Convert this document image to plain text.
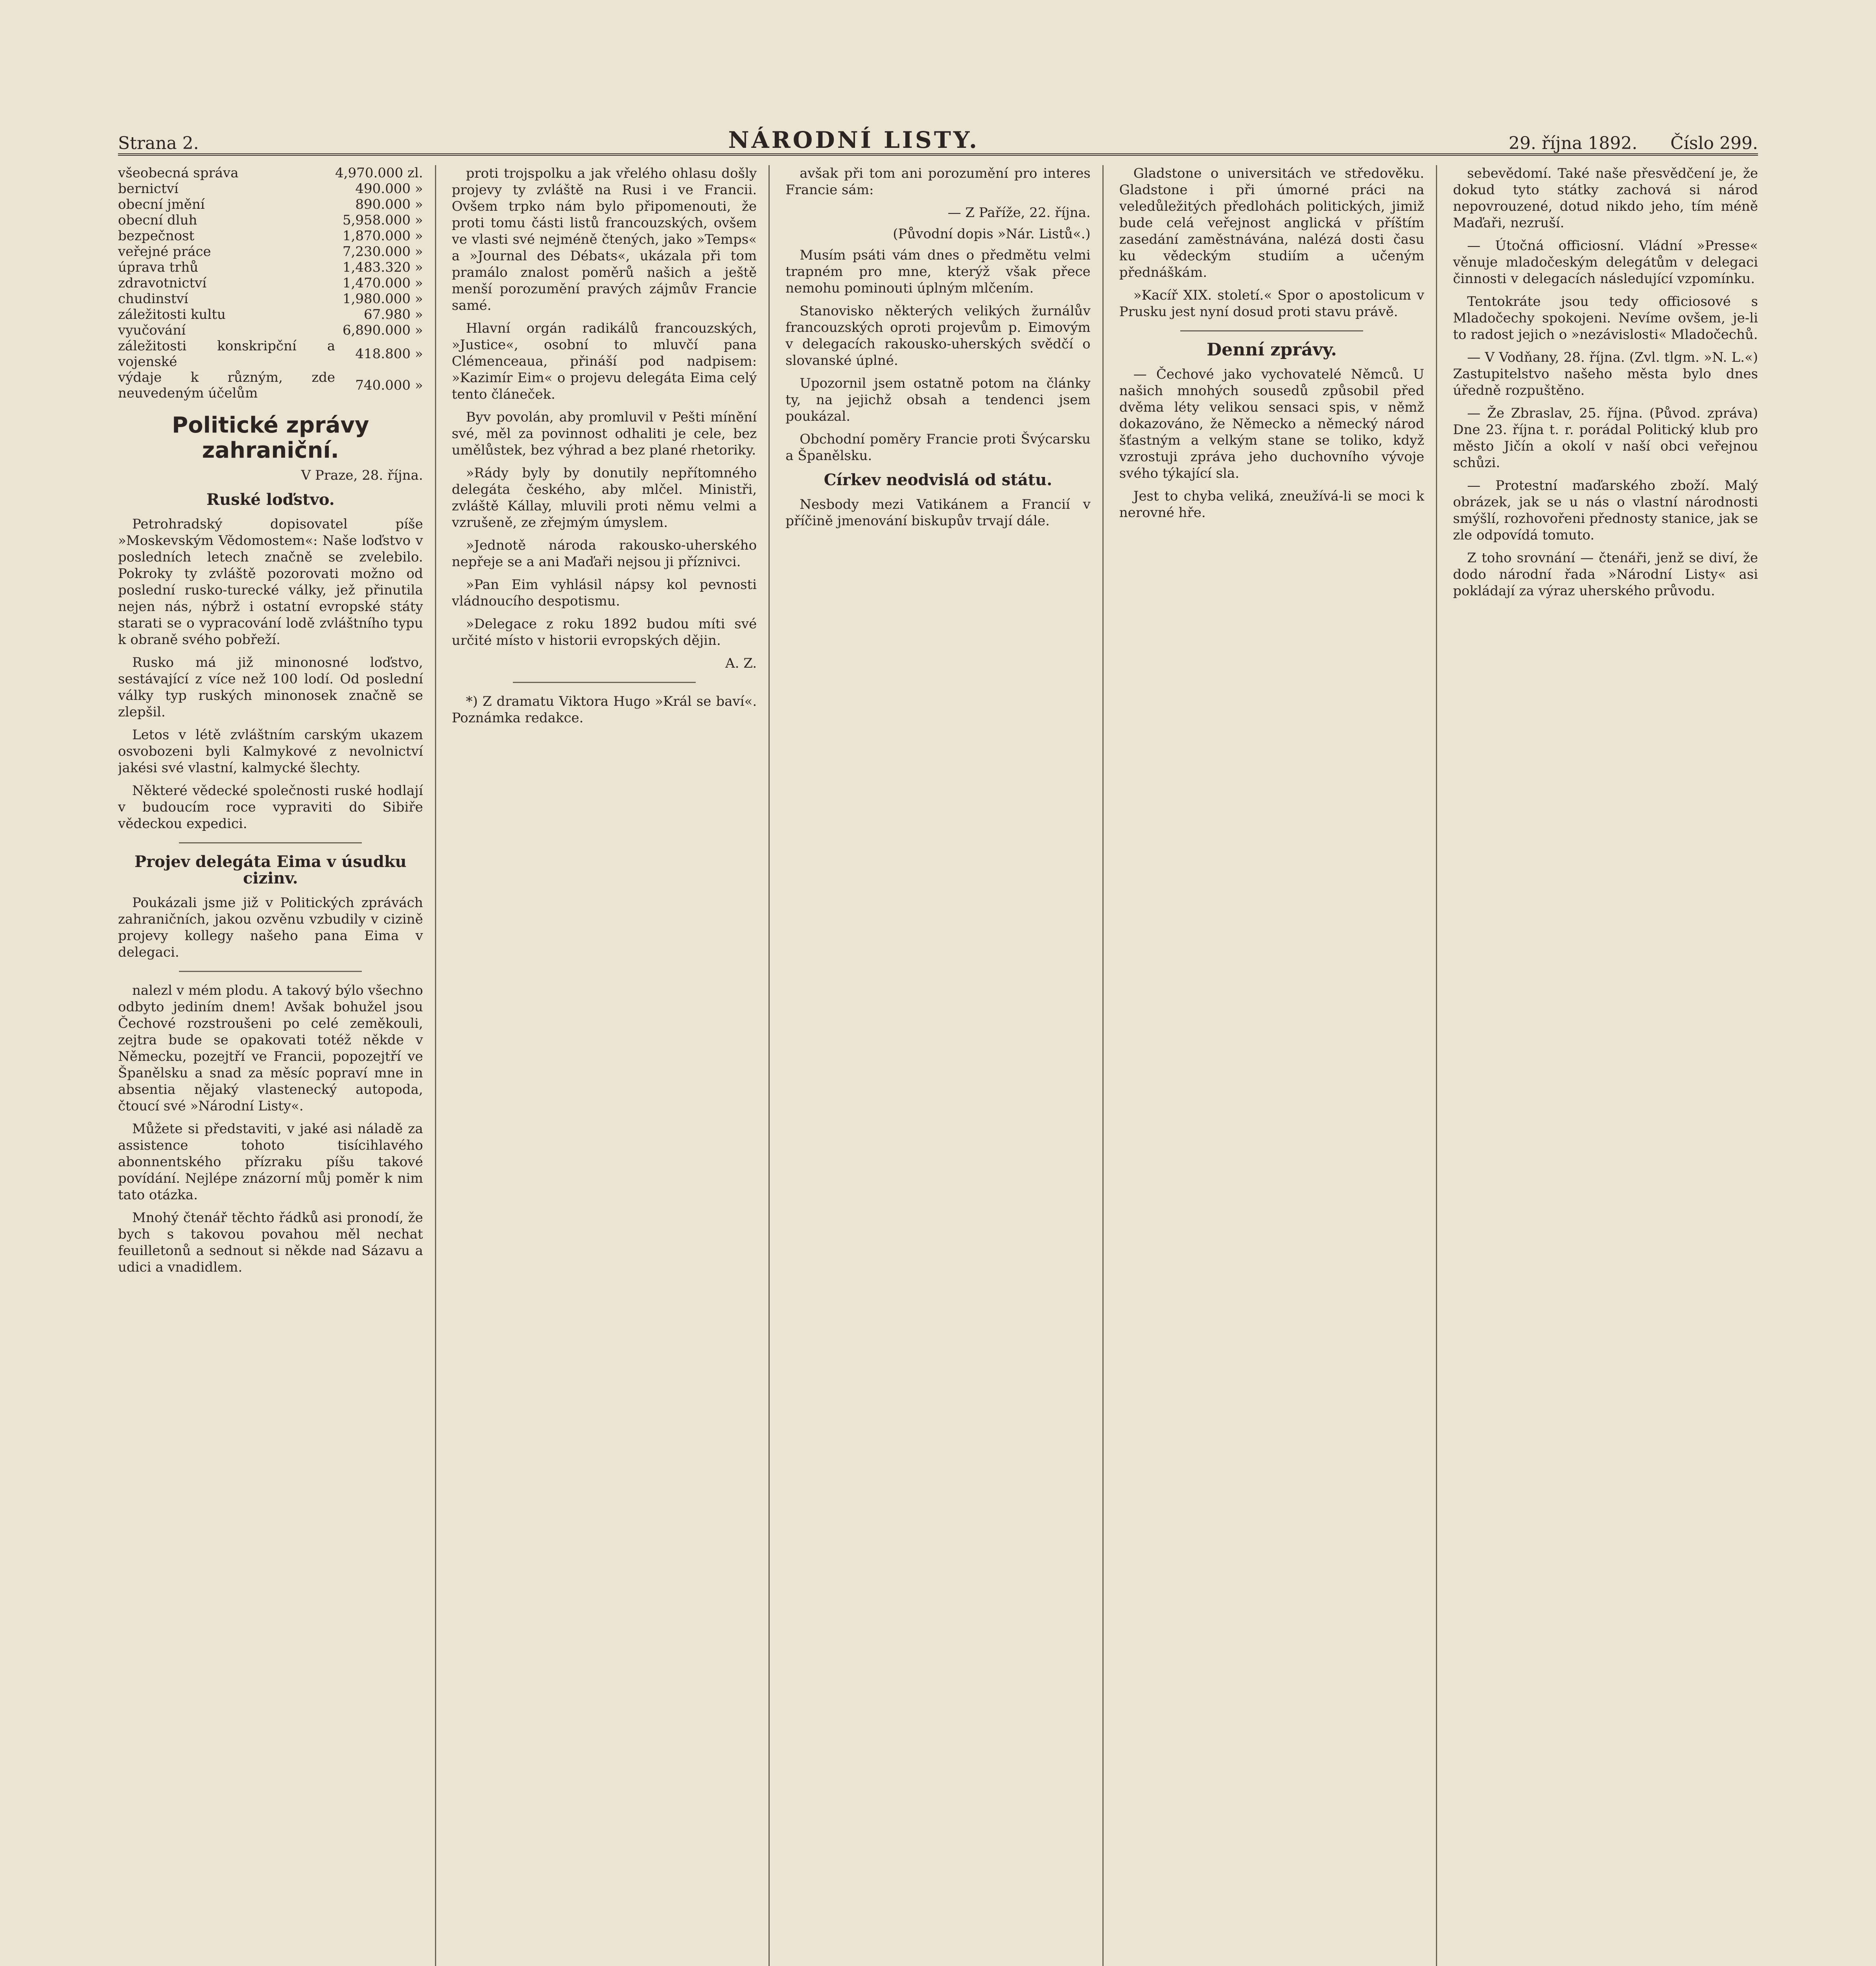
Strana 2.	NÁRODNÍ LISTY.	29. října 1892. Číslo 299.
všeobecná správa	4,970.000 zl.
bernictví	490.000 »
obecní jmění	890.000 »
obecní dluh	5,958.000 »
bezpečnost	1,870.000 »
veřejné práce	7,230.000 »
úprava trhů	1,483.320 »
zdravotnictví	1,470.000 »
chudinství	1,980.000 »
záležitosti kultu	67.980 »
vyučování	6,890.000 »
záležitosti konskripční a vojenské	418.800 »
výdaje k různým, zde neuvedeným účelům	740.000 »
Politické zprávy zahraniční.

V Praze, 28. října.

Ruské loďstvo.

Petrohradský dopisovatel píše »Moskevským Vědomostem«: Naše loďstvo v posledních letech značně se zvelebilo. Pokroky ty zvláště pozorovati možno od poslední rusko-turecké války, jež přinutila nejen nás, nýbrž i ostatní evropské státy starati se o vypracování lodě zvláštního typu k obraně svého pobřeží.

Rusko má již minonosné loďstvo, sestávající z více než 100 lodí. Od poslední války typ ruských minonosek značně se zlepšil.

Letos v létě zvláštním carským ukazem osvobozeni byli Kalmykové z nevolnictví jakési své vlastní, kalmycké šlechty.

Některé vědecké společnosti ruské hodlají v budoucím roce vypraviti do Sibiře vědeckou expedici.

Projev delegáta Eima v úsudku cizinv.

Poukázali jsme již v Politických zprávách zahraničních, jakou ozvěnu vzbudily v cizině projevy kollegy našeho pana Eima v delegaci.

nalezl v mém plodu. A takový býlo všechno odbyto jediním dnem! Avšak bohužel jsou Čechové rozstroušeni po celé zeměkouli, zejtra bude se opakovati totéž někde v Německu, pozejtří ve Francii, popozejtří ve Španělsku a snad za měsíc popraví mne in absentia nějaký vlastenecký autopoda, čtoucí své »Národní Listy«.

Můžete si představiti, v jaké asi náladě za assistence tohoto tisícihlavého abonnentského přízraku píšu takové povídání. Nejlépe znázorní můj poměr k nim tato otázka.

Mnohý čtenář těchto řádků asi pronodí, že bych s takovou povahou měl nechat feuilletonů a sednout si někde nad Sázavu a udici a vnadidlem.

proti trojspolku a jak vřelého ohlasu došly projevy ty zvláště na Rusi i ve Francii. Ovšem trpko nám bylo připomenouti, že proti tomu části listů francouzských, ovšem ve vlasti své nejméně čtených, jako »Temps« a »Journal des Débats«, ukázala při tom pramálo znalost poměrů našich a ještě menší porozumění pravých zájmův Francie samé.

Hlavní orgán radikálů francouzských, »Justice«, osobní to mluvčí pana Clémenceaua, přináší pod nadpisem: »Kazimír Eim« o projevu delegáta Eima celý tento článeček.

Byv povolán, aby promluvil v Pešti mínění své, měl za povinnost odhaliti je cele, bez umělůstek, bez výhrad a bez plané rhetoriky.

»Rády byly by donutily nepřítomného delegáta českého, aby mlčel. Ministři, zvláště Kállay, mluvili proti němu velmi a vzrušeně, ze zřejmým úmyslem.

»Jednotě národa rakousko-uherského nepřeje se a ani Maďaři nejsou ji příznivci.

»Pan Eim vyhlásil nápsy kol pevnosti vládnoucího despotismu.

»Delegace z roku 1892 budou míti své určité místo v historii evropských dějin.

A. Z.

*) Z dramatu Viktora Hugo »Král se baví«. Poznámka redakce.

avšak při tom ani porozumění pro interes Francie sám:

— Z Paříže, 22. října.

(Původní dopis »Nár. Listů«.)

Musím psáti vám dnes o předmětu velmi trapném pro mne, kterýž však přece nemohu pominouti úplným mlčením.

Stanovisko některých velikých žurnálův francouzských oproti projevům p. Eimovým v delegacích rakousko-uherských svědčí o slovanské úplné.

Upozornil jsem ostatně potom na články ty, na jejichž obsah a tendenci jsem poukázal.

Obchodní poměry Francie proti Švýcarsku a Španělsku.

Církev neodvislá od státu.

Nesbody mezi Vatikánem a Francií v příčině jmenování biskupův trvají dále.

Gladstone o universitách ve středověku. Gladstone i při úmorné práci na veledůležitých předlohách politických, jimiž bude celá veřejnost anglická v příštím zasedání zaměstnávána, nalézá dosti času ku vědeckým studiím a učeným přednáškám.

»Kacíř XIX. století.« Spor o apostolicum v Prusku jest nyní dosud proti stavu právě.

Denní zprávy.

— Čechové jako vychovatelé Němců. U našich mnohých sousedů způsobil před dvěma léty velikou sensaci spis, v němž dokazováno, že Německo a německý národ šťastným a velkým stane se toliko, když vzrostuji zpráva jeho duchovního vývoje svého týkající sla.

Jest to chyba veliká, zneužívá-li se moci k nerovné hře.

sebevědomí. Také naše přesvědčení je, že dokud tyto státky zachová si národ nepovrouzené, dotud nikdo jeho, tím méně Maďaři, nezruší.

— Útočná officiosní. Vládní »Presse« věnuje mladočeským delegátům v delegaci činnosti v delegacích následující vzpomínku.

Tentokráte jsou tedy officiosové s Mladočechy spokojeni. Nevíme ovšem, je-li to radost jejich o »nezávislosti« Mladočechů.

— V Vodňany, 28. října. (Zvl. tlgm. »N. L.«) Zastupitelstvo našeho města bylo dnes úředně rozpuštěno.

— Že Zbraslav, 25. října. (Původ. zpráva) Dne 23. října t. r. porádal Politický klub pro město Jičín a okolí v naší obci veřejnou schůzi.

— Protestní maďarského zboží. Malý obrázek, jak se u nás o vlastní národnosti smýšlí, rozhovořeni přednosty stanice, jak se zle odpovídá tomuto.

Z toho srovnání — čtenáři, jenž se diví, že dodo národní řada »Národní Listy« asi pokládají za výraz uherského průvodu.
